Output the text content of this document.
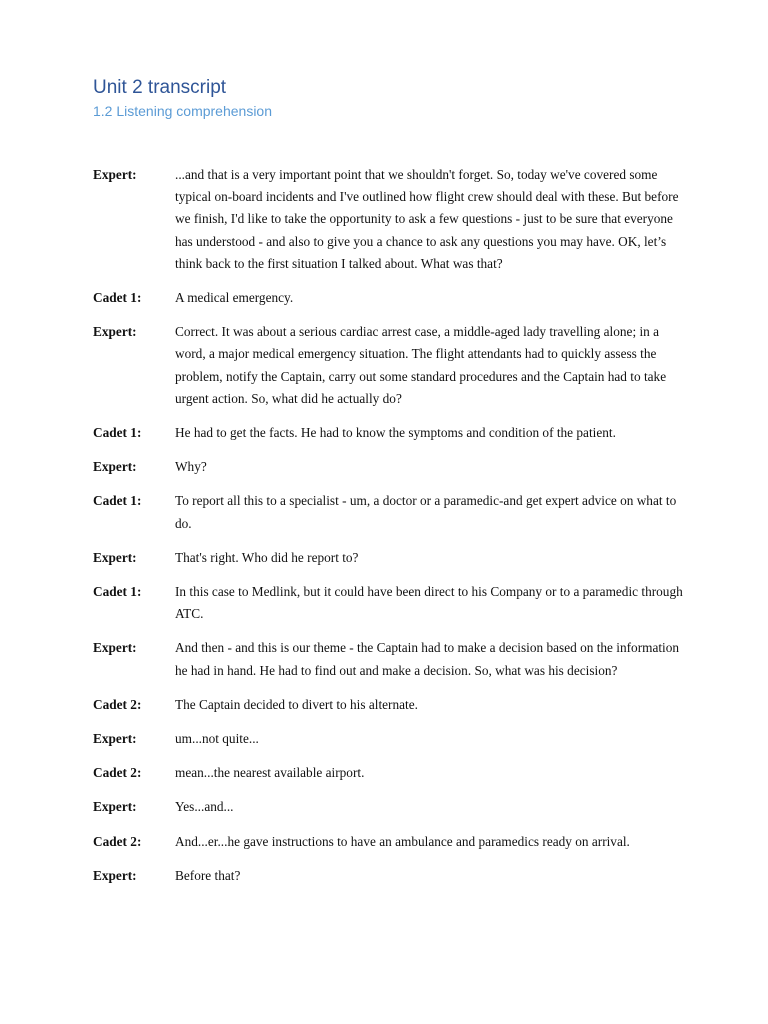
Unit 2 transcript
1.2 Listening comprehension
Expert:	...and that is a very important point that we shouldn't forget. So, today we've covered some typical on-board incidents and I've outlined how flight crew should deal with these. But before we finish, I'd like to take the opportunity to ask a few questions - just to be sure that everyone has understood - and also to give you a chance to ask any questions you may have. OK, let’s think back to the first situation I talked about. What was that?
Cadet 1:	A medical emergency.
Expert:	Correct. It was about a serious cardiac arrest case, a middle-aged lady travelling alone; in a word, a major medical emergency situation. The flight attendants had to quickly assess the problem, notify the Captain, carry out some standard procedures and the Captain had to take urgent action. So, what did he actually do?
Cadet 1:	He had to get the facts. He had to know the symptoms and condition of the patient.
Expert:	Why?
Cadet 1:	To report all this to a specialist - um, a doctor or a paramedic-and get expert advice on what to do.
Expert:	That's right. Who did he report to?
Cadet 1:	In this case to Medlink, but it could have been direct to his Company or to a paramedic through ATC.
Expert:	And then - and this is our theme - the Captain had to make a decision based on the information he had in hand. He had to find out and make a decision. So, what was his decision?
Cadet 2:	The Captain decided to divert to his alternate.
Expert:	um...not quite...
Cadet 2:	mean...the nearest available airport.
Expert:	Yes...and...
Cadet 2:	And...er...he gave instructions to have an ambulance and paramedics ready on arrival.
Expert:	Before that?
